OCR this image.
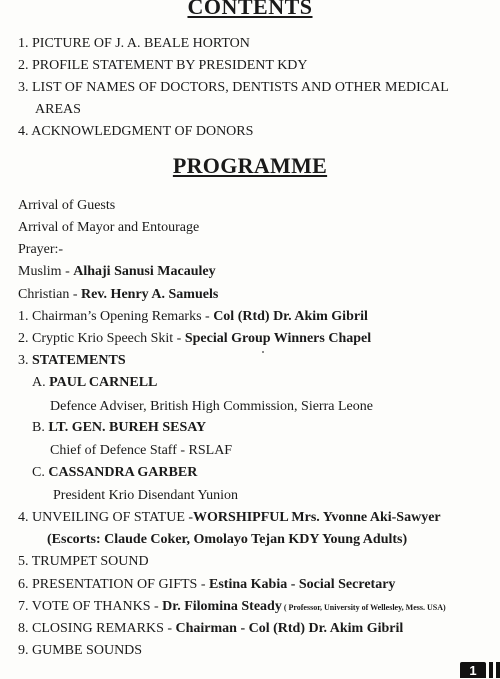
CONTENTS
1. PICTURE OF J. A. BEALE HORTON
2. PROFILE STATEMENT BY PRESIDENT KDY
3. LIST OF NAMES OF DOCTORS, DENTISTS AND OTHER MEDICAL
AREAS
4. ACKNOWLEDGMENT OF DONORS
PROGRAMME
Arrival of Guests
Arrival of Mayor and Entourage
Prayer:-
Muslim - Alhaji Sanusi Macauley
Christian - Rev. Henry A. Samuels
1. Chairman’s Opening Remarks - Col (Rtd) Dr. Akim Gibril
2. Cryptic Krio Speech Skit - Special Group Winners Chapel
3. STATEMENTS
A. PAUL CARNELL
Defence Adviser, British High Commission, Sierra Leone
B. LT. GEN. BUREH SESAY
Chief of Defence Staff - RSLAF
C. CASSANDRA GARBER
President Krio Disendant Yunion
4. UNVEILING OF STATUE -WORSHIPFUL Mrs. Yvonne Aki-Sawyer
(Escorts: Claude Coker, Omolayo Tejan KDY Young Adults)
5. TRUMPET SOUND
6. PRESENTATION OF GIFTS - Estina Kabia - Social Secretary
7. VOTE OF THANKS - Dr. Filomina Steady ( Professor, University of Wellesley, Mess. USA)
8. CLOSING REMARKS - Chairman - Col (Rtd) Dr. Akim Gibril
9. GUMBE SOUNDS
1
